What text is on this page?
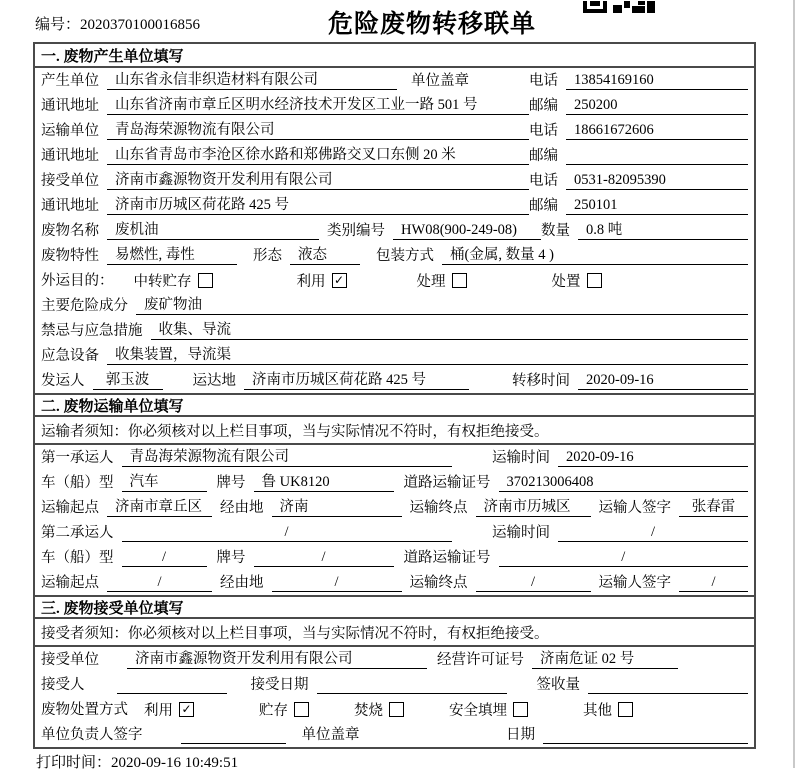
编号：2020370100016856	危险废物转移联单
一. 废物产生单位填写
产生单位	山东省永信非织造材料有限公司	单位盖章	电话	13854169160
通讯地址	山东省济南市章丘区明水经济技术开发区工业一路 501 号	邮编	250200
运输单位	青岛海荣源物流有限公司	电话	18661672606
通讯地址	山东省青岛市李沧区徐水路和郑佛路交叉口东侧 20 米	邮编
接受单位	济南市鑫源物资开发利用有限公司	电话	0531-82095390
通讯地址	济南市历城区荷花路 425 号	邮编	250101
废物名称	废机油	类别编号	HW08(900-249-08)	数量	0.8 吨
废物特性	易燃性, 毒性	形态	液态	包装方式	桶(金属, 数量 4 )
外运目的： 中转贮存	利用 ✓	处理	处置
主要危险成分	废矿物油
禁忌与应急措施	收集、导流
应急设备	收集装置，导流渠
发运人	郭玉波	运达地	济南市历城区荷花路 425 号	转移时间	2020-09-16
二. 废物运输单位填写
运输者须知：你必须核对以上栏目事项，当与实际情况不符时，有权拒绝接受。
第一承运人	青岛海荣源物流有限公司	运输时间	2020-09-16
车（船）型	汽车	牌号	鲁 UK8120	道路运输证号	370213006408
运输起点	济南市章丘区	经由地	济南	运输终点	济南市历城区	运输人签字	张春雷
第二承运人	/	运输时间	/
车（船）型	/	牌号	/	道路运输证号	/
运输起点	/	经由地	/	运输终点	/	运输人签字	/
三. 废物接受单位填写
接受者须知：你必须核对以上栏目事项，当与实际情况不符时，有权拒绝接受。
接受单位	济南市鑫源物资开发利用有限公司	经营许可证号	济南危证 02 号
接受人	接受日期	签收量
废物处置方式 利用 ✓	贮存	焚烧	安全填埋	其他
单位负责人签字	单位盖章	日期
打印时间：2020-09-16 10:49:51
